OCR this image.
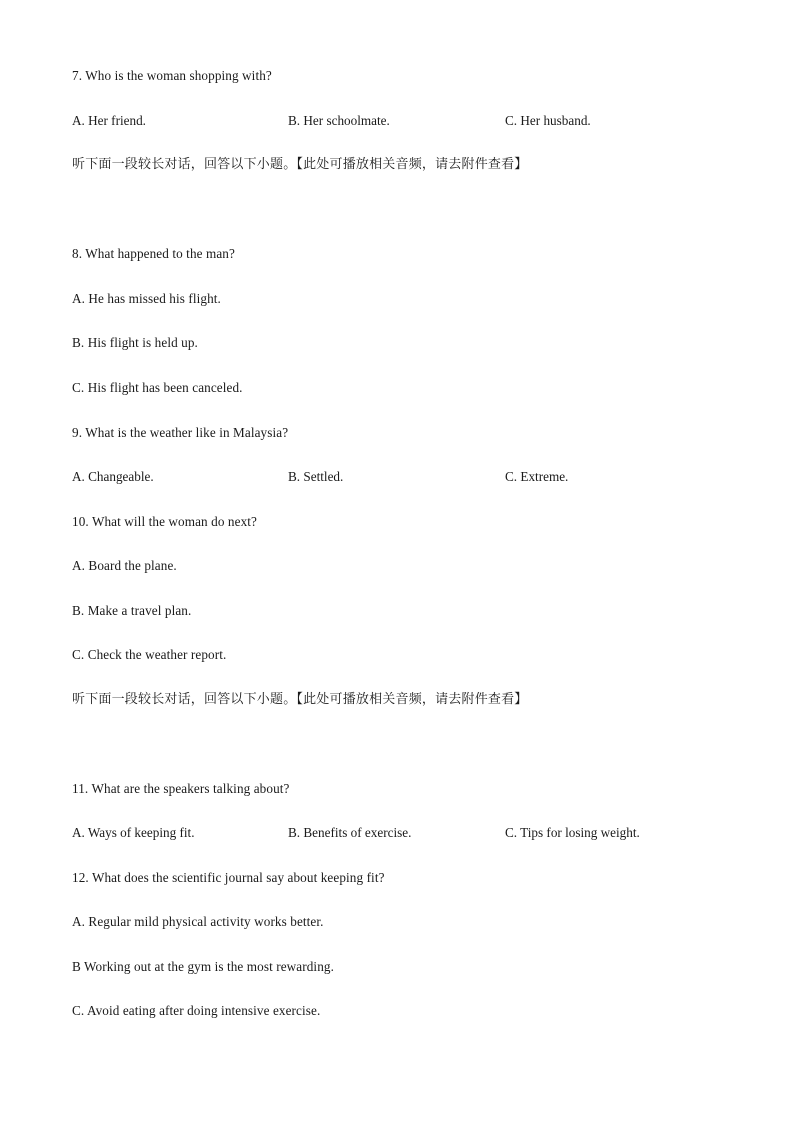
7. Who is the woman shopping with?
A. Her friend.	B. Her schoolmate.	C. Her husband.
听下面一段较长对话，回答以下小题。【此处可播放相关音频，请去附件查看】
8. What happened to the man?
A. He has missed his flight.
B. His flight is held up.
C. His flight has been canceled.
9. What is the weather like in Malaysia?
A. Changeable.	B. Settled.	C. Extreme.
10. What will the woman do next?
A. Board the plane.
B. Make a travel plan.
C. Check the weather report.
听下面一段较长对话，回答以下小题。【此处可播放相关音频，请去附件查看】
11. What are the speakers talking about?
A. Ways of keeping fit.	B. Benefits of exercise.	C. Tips for losing weight.
12. What does the scientific journal say about keeping fit?
A. Regular mild physical activity works better.
B Working out at the gym is the most rewarding.
C. Avoid eating after doing intensive exercise.
